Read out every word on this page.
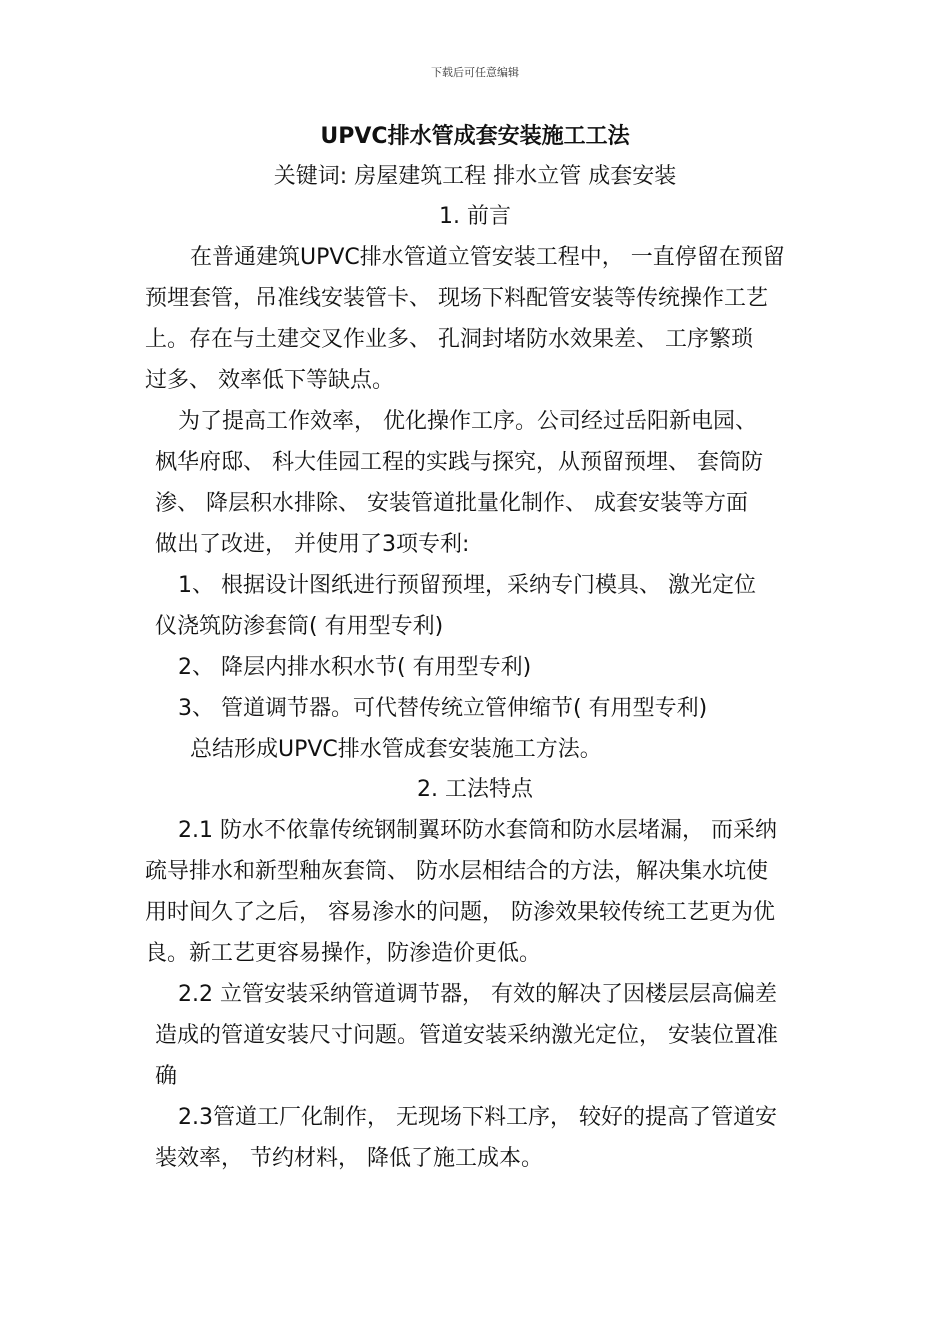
下载后可任意编辑
UPVC排水管成套安装施工工法
关键词: 房屋建筑工程 排水立管 成套安装
1. 前言
在普通建筑UPVC排水管道立管安装工程中， 一直停留在预留
预埋套管，吊准线安装管卡、 现场下料配管安装等传统操作工艺
上。存在与土建交叉作业多、 孔洞封堵防水效果差、 工序繁琐
过多、 效率低下等缺点。
为了提高工作效率， 优化操作工序。公司经过岳阳新电园、
枫华府邸、 科大佳园工程的实践与探究，从预留预埋、 套筒防
渗、 降层积水排除、 安装管道批量化制作、 成套安装等方面
做出了改进， 并使用了3项专利:
1、 根据设计图纸进行预留预埋，采纳专门模具、 激光定位
仪浇筑防渗套筒( 有用型专利)
2、 降层内排水积水节( 有用型专利)
3、 管道调节器。可代替传统立管伸缩节( 有用型专利)
总结形成UPVC排水管成套安装施工方法。
2. 工法特点
2.1 防水不依靠传统钢制翼环防水套筒和防水层堵漏， 而采纳
疏导排水和新型釉灰套筒、 防水层相结合的方法，解决集水坑使
用时间久了之后， 容易渗水的问题， 防渗效果较传统工艺更为优
良。新工艺更容易操作，防渗造价更低。
2.2 立管安装采纳管道调节器， 有效的解决了因楼层层高偏差
造成的管道安装尺寸问题。管道安装采纳激光定位， 安装位置准
确
2.3管道工厂化制作， 无现场下料工序， 较好的提高了管道安
装效率， 节约材料， 降低了施工成本。
